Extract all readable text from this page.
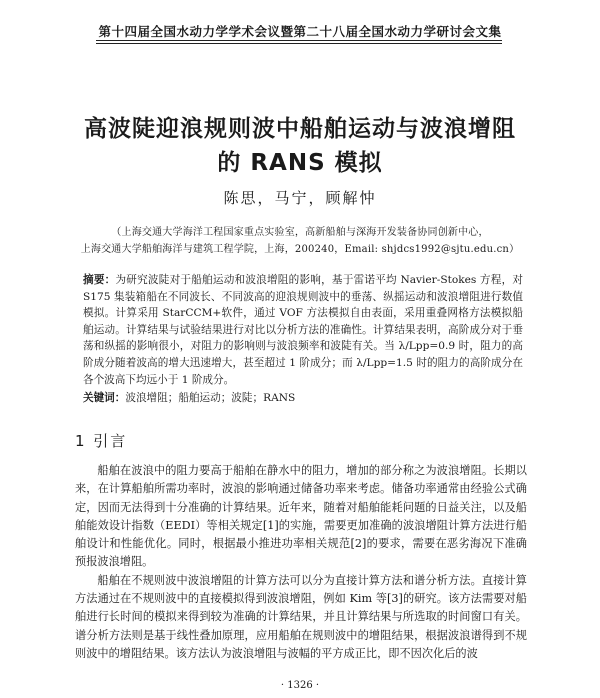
第十四届全国水动力学学术会议暨第二十八届全国水动力学研讨会文集
高波陡迎浪规则波中船舶运动与波浪增阻
的 RANS 模拟
陈思，马宁，顾解忡
（上海交通大学海洋工程国家重点实验室，高新船舶与深海开发装备协同创新中心，
上海交通大学船舶海洋与建筑工程学院，上海，200240，Email: shjdcs1992@sjtu.edu.cn）
摘要：为研究波陡对于船舶运动和波浪增阻的影响，基于雷诺平均 Navier-Stokes 方程，对 S175 集装箱船在不同波长、不同波高的迎浪规则波中的垂荡、纵摇运动和波浪增阻进行数值模拟。计算采用 StarCCM+软件，通过 VOF 方法模拟自由表面，采用重叠网格方法模拟船舶运动。计算结果与试验结果进行对比以分析方法的准确性。计算结果表明，高阶成分对于垂荡和纵摇的影响很小，对阻力的影响则与波浪频率和波陡有关。当 λ/Lpp=0.9 时，阻力的高阶成分随着波高的增大迅速增大，甚至超过 1 阶成分；而 λ/Lpp=1.5 时的阻力的高阶成分在各个波高下均远小于 1 阶成分。
关键词：波浪增阻；船舶运动；波陡；RANS
1 引言

船舶在波浪中的阻力要高于船舶在静水中的阻力，增加的部分称之为波浪增阻。长期以来，在计算船舶所需功率时，波浪的影响通过储备功率来考虑。储备功率通常由经验公式确定，因而无法得到十分准确的计算结果。近年来，随着对船舶能耗问题的日益关注，以及船舶能效设计指数（EEDI）等相关规定[1]的实施，需要更加准确的波浪增阻计算方法进行船舶设计和性能优化。同时，根据最小推进功率相关规范[2]的要求，需要在恶劣海况下准确预报波浪增阻。

船舶在不规则波中波浪增阻的计算方法可以分为直接计算方法和谱分析方法。直接计算方法通过在不规则波中的直接模拟得到波浪增阻，例如 Kim 等[3]的研究。该方法需要对船舶进行长时间的模拟来得到较为准确的计算结果，并且计算结果与所选取的时间窗口有关。谱分析方法则是基于线性叠加原理，应用船舶在规则波中的增阻结果，根据波浪谱得到不规则波中的增阻结果。该方法认为波浪增阻与波幅的平方成正比，即不因次化后的波

· 1326 ·
